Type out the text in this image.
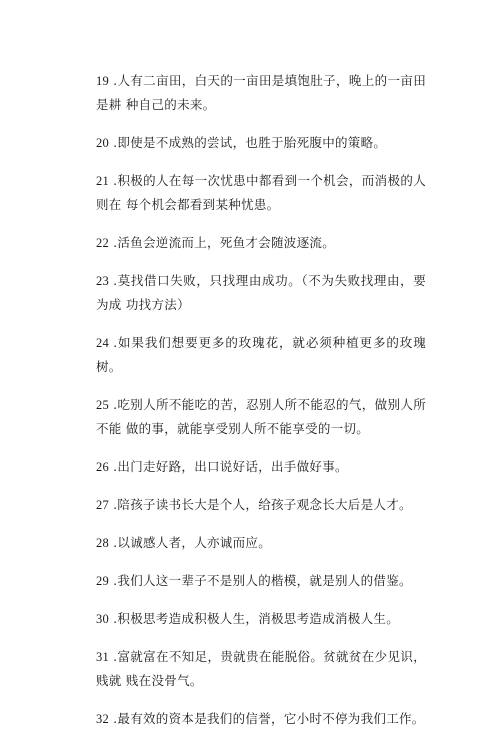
19 .人有二亩田，白天的一亩田是填饱肚子，晚上的一亩田是耕 种自己的未来。

20 .即使是不成熟的尝试，也胜于胎死腹中的策略。

21 .积极的人在每一次忧患中都看到一个机会，而消极的人则在 每个机会都看到某种忧患。

22 .活鱼会逆流而上，死鱼才会随波逐流。

23 .莫找借口失败，只找理由成功。（不为失败找理由，要为成 功找方法）

24 .如果我们想要更多的玫瑰花，就必须种植更多的玫瑰树。

25 .吃别人所不能吃的苦，忍别人所不能忍的气，做别人所不能 做的事，就能享受别人所不能享受的一切。

26 .出门走好路，出口说好话，出手做好事。

27 .陪孩子读书长大是个人，给孩子观念长大后是人才。

28 .以诚感人者，人亦诚而应。

29 .我们人这一辈子不是别人的楷模，就是别人的借鉴。

30 .积极思考造成积极人生，消极思考造成消极人生。

31 .富就富在不知足，贵就贵在能脱俗。贫就贫在少见识，贱就 贱在没骨气。

32 .最有效的资本是我们的信誉，它小时不停为我们工作。
